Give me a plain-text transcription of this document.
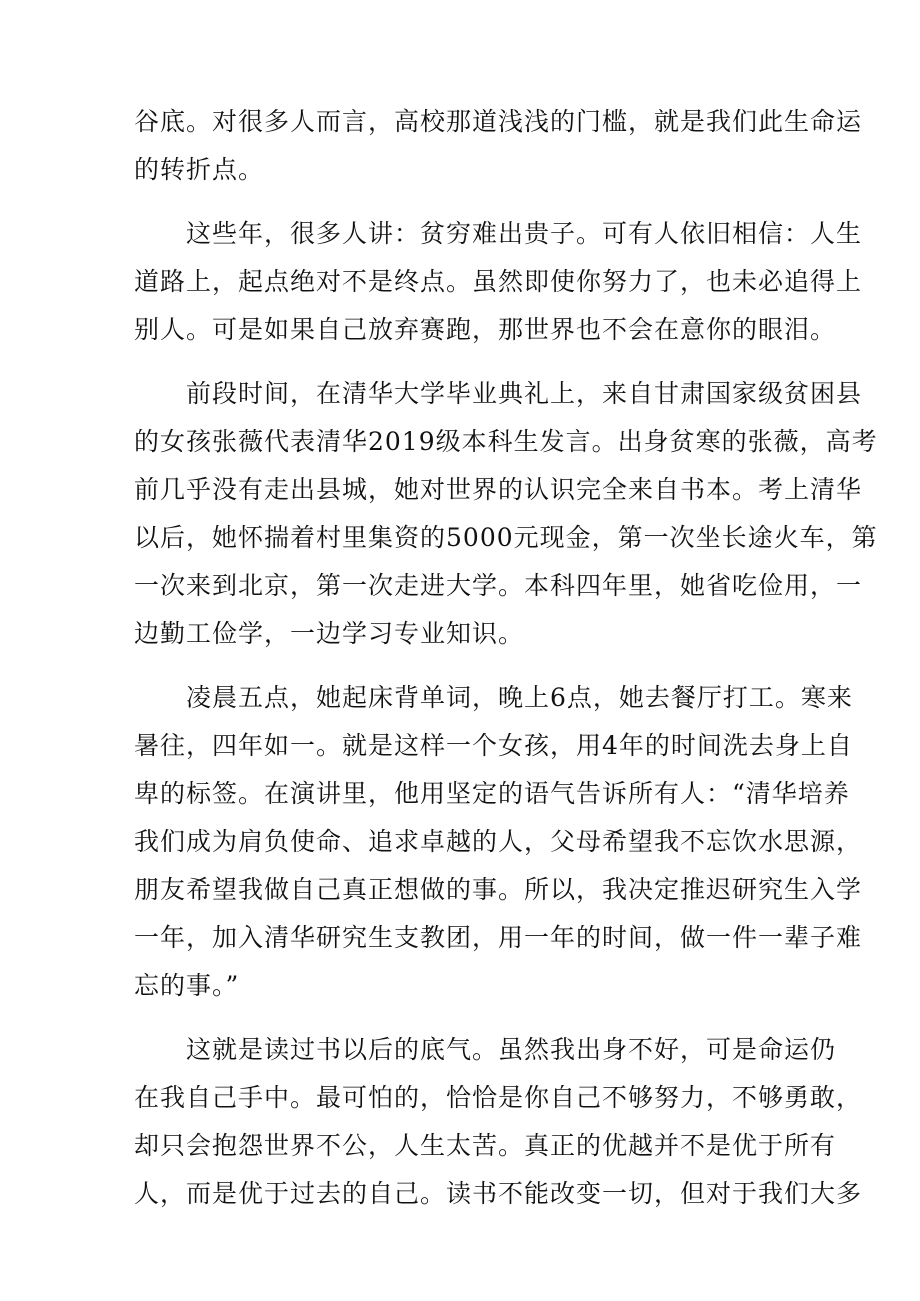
谷底。对很多人而言，高校那道浅浅的门槛，就是我们此生命运
的转折点。

这些年，很多人讲：贫穷难出贵子。可有人依旧相信：人生
道路上，起点绝对不是终点。虽然即使你努力了，也未必追得上
别人。可是如果自己放弃赛跑，那世界也不会在意你的眼泪。

前段时间，在清华大学毕业典礼上，来自甘肃国家级贫困县
的女孩张薇代表清华2019级本科生发言。出身贫寒的张薇，高考
前几乎没有走出县城，她对世界的认识完全来自书本。考上清华
以后，她怀揣着村里集资的5000元现金，第一次坐长途火车，第
一次来到北京，第一次走进大学。本科四年里，她省吃俭用，一
边勤工俭学，一边学习专业知识。

凌晨五点，她起床背单词，晚上6点，她去餐厅打工。寒来
暑往，四年如一。就是这样一个女孩，用4年的时间洗去身上自
卑的标签。在演讲里，他用坚定的语气告诉所有人：“清华培养
我们成为肩负使命、追求卓越的人，父母希望我不忘饮水思源，
朋友希望我做自己真正想做的事。所以，我决定推迟研究生入学
一年，加入清华研究生支教团，用一年的时间，做一件一辈子难
忘的事。”

这就是读过书以后的底气。虽然我出身不好，可是命运仍
在我自己手中。最可怕的，恰恰是你自己不够努力，不够勇敢，
却只会抱怨世界不公，人生太苦。真正的优越并不是优于所有
人，而是优于过去的自己。读书不能改变一切，但对于我们大多
